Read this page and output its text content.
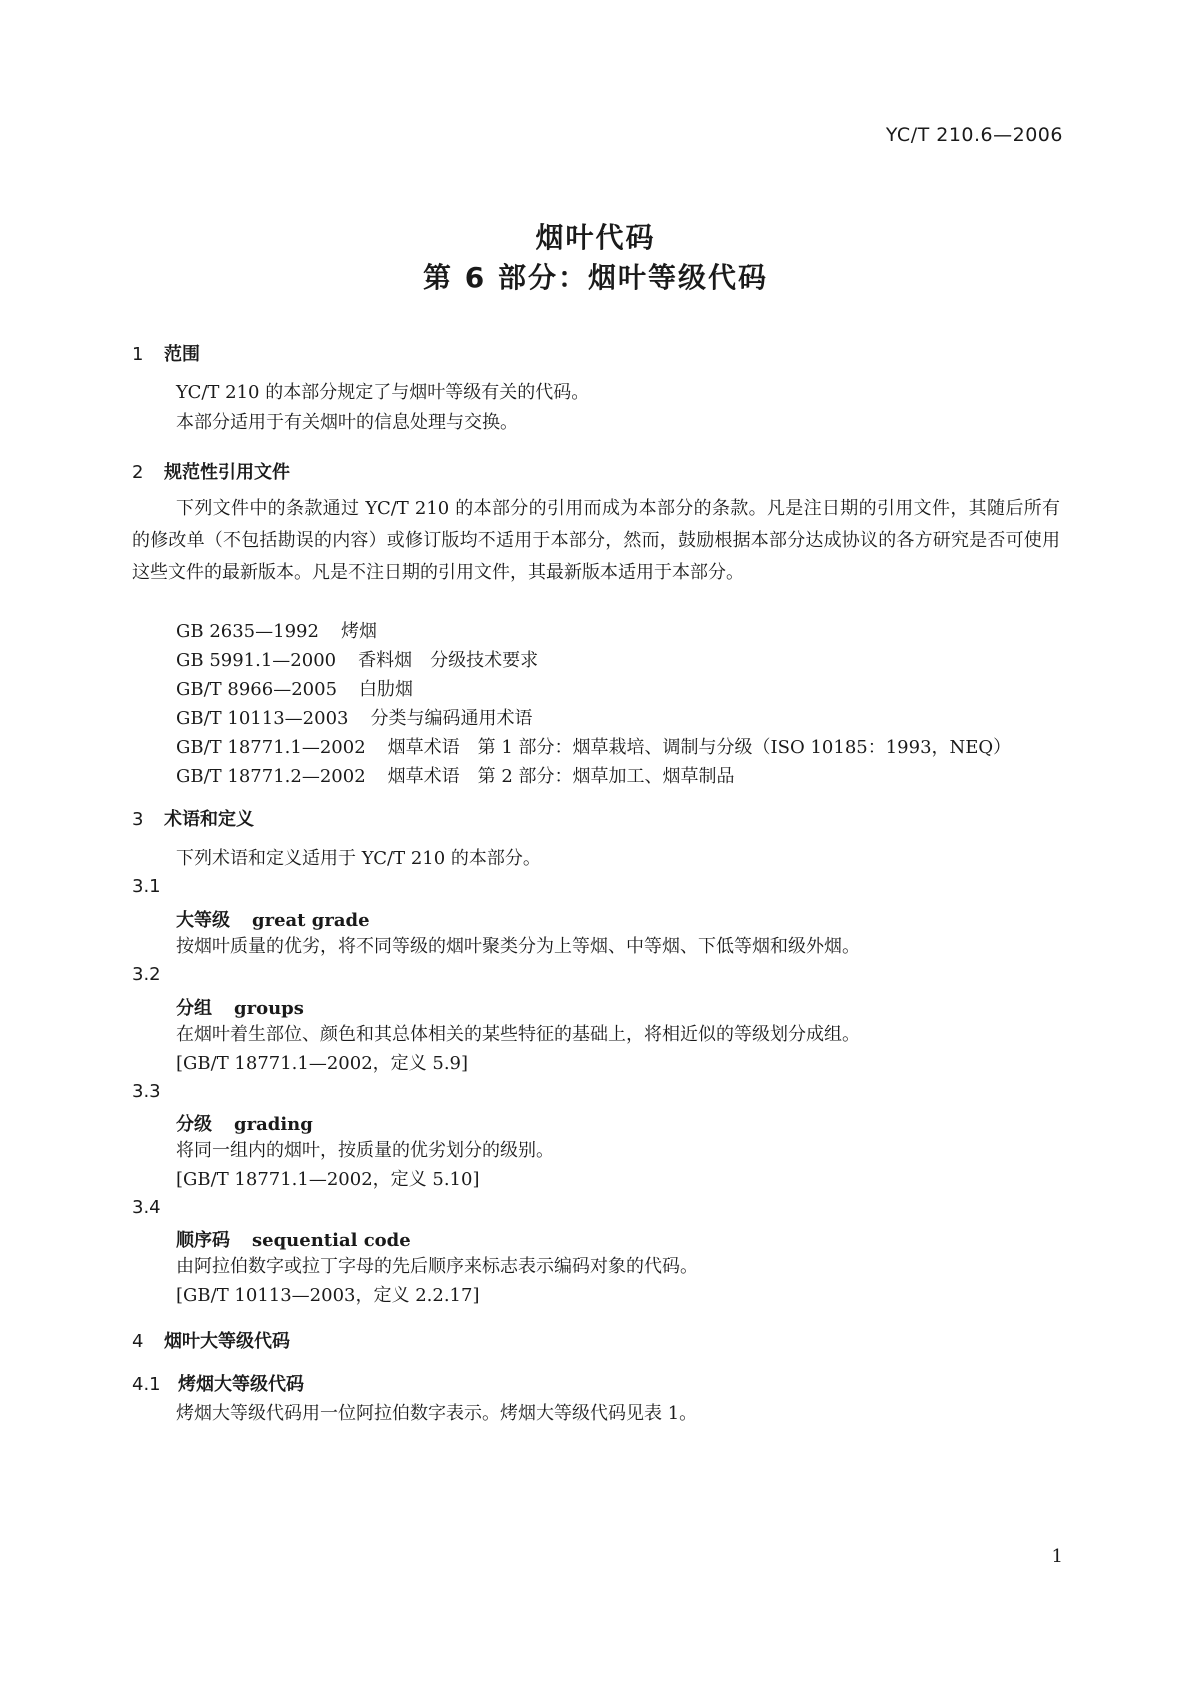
YC/T 210.6—2006
烟叶代码
第 6 部分：烟叶等级代码
1 范围
YC/T 210 的本部分规定了与烟叶等级有关的代码。
本部分适用于有关烟叶的信息处理与交换。
2 规范性引用文件
下列文件中的条款通过 YC/T 210 的本部分的引用而成为本部分的条款。凡是注日期的引用文件，其随后所有的修改单（不包括勘误的内容）或修订版均不适用于本部分，然而，鼓励根据本部分达成协议的各方研究是否可使用这些文件的最新版本。凡是不注日期的引用文件，其最新版本适用于本部分。
GB 2635—1992 烤烟
GB 5991.1—2000 香料烟　分级技术要求
GB/T 8966—2005 白肋烟
GB/T 10113—2003 分类与编码通用术语
GB/T 18771.1—2002 烟草术语　第 1 部分：烟草栽培、调制与分级（ISO 10185：1993，NEQ）
GB/T 18771.2—2002 烟草术语　第 2 部分：烟草加工、烟草制品
3 术语和定义
下列术语和定义适用于 YC/T 210 的本部分。
3.1
大等级 great grade
按烟叶质量的优劣，将不同等级的烟叶聚类分为上等烟、中等烟、下低等烟和级外烟。
3.2
分组 groups
在烟叶着生部位、颜色和其总体相关的某些特征的基础上，将相近似的等级划分成组。
[GB/T 18771.1—2002，定义 5.9]
3.3
分级 grading
将同一组内的烟叶，按质量的优劣划分的级别。
[GB/T 18771.1—2002，定义 5.10]
3.4
顺序码 sequential code
由阿拉伯数字或拉丁字母的先后顺序来标志表示编码对象的代码。
[GB/T 10113—2003，定义 2.2.17]
4 烟叶大等级代码
4.1 烤烟大等级代码
烤烟大等级代码用一位阿拉伯数字表示。烤烟大等级代码见表 1。
1
